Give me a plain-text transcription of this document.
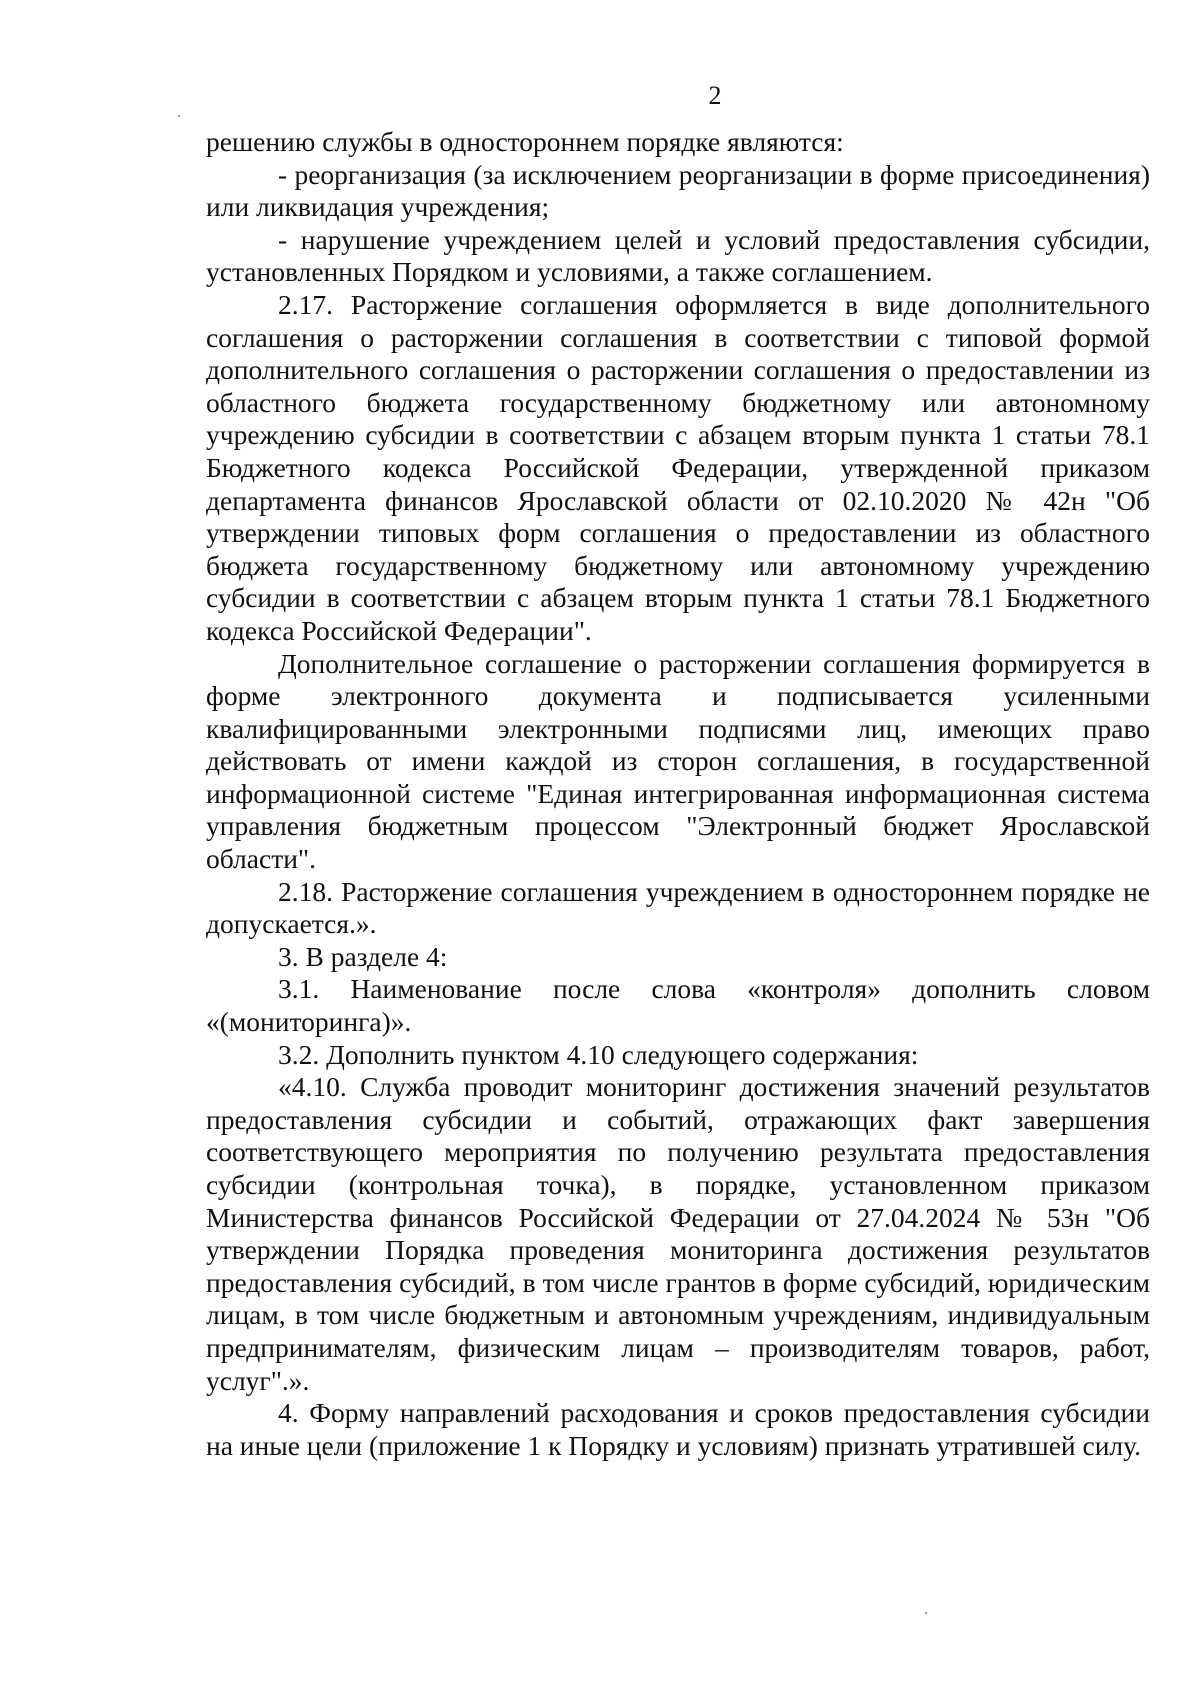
2

решению службы в одностороннем порядке являются:

- реорганизация (за исключением реорганизации в форме присоединения) или ликвидация учреждения;

- нарушение учреждением целей и условий предоставления субсидии, установленных Порядком и условиями, а также соглашением.

2.17. Расторжение соглашения оформляется в виде дополнительного соглашения о расторжении соглашения в соответствии с типовой формой дополнительного соглашения о расторжении соглашения о предоставлении из областного бюджета государственному бюджетному или автономному учреждению субсидии в соответствии с абзацем вторым пункта 1 статьи 78.1 Бюджетного кодекса Российской Федерации, утвержденной приказом департамента финансов Ярославской области от 02.10.2020 № 42н "Об утверждении типовых форм соглашения о предоставлении из областного бюджета государственному бюджетному или автономному учреждению субсидии в соответствии с абзацем вторым пункта 1 статьи 78.1 Бюджетного кодекса Российской Федерации".

Дополнительное соглашение о расторжении соглашения формируется в форме электронного документа и подписывается усиленными квалифицированными электронными подписями лиц, имеющих право действовать от имени каждой из сторон соглашения, в государственной информационной системе "Единая интегрированная информационная система управления бюджетным процессом "Электронный бюджет Ярославской области".

2.18. Расторжение соглашения учреждением в одностороннем порядке не допускается.».

3. В разделе 4:

3.1. Наименование после слова «контроля» дополнить словом «(мониторинга)».

3.2. Дополнить пунктом 4.10 следующего содержания:

«4.10. Служба проводит мониторинг достижения значений результатов предоставления субсидии и событий, отражающих факт завершения соответствующего мероприятия по получению результата предоставления субсидии (контрольная точка), в порядке, установленном приказом Министерства финансов Российской Федерации от 27.04.2024 № 53н "Об утверждении Порядка проведения мониторинга достижения результатов предоставления субсидий, в том числе грантов в форме субсидий, юридическим лицам, в том числе бюджетным и автономным учреждениям, индивидуальным предпринимателям, физическим лицам – производителям товаров, работ, услуг".».

4. Форму направлений расходования и сроков предоставления субсидии на иные цели (приложение 1 к Порядку и условиям) признать утратившей силу.
